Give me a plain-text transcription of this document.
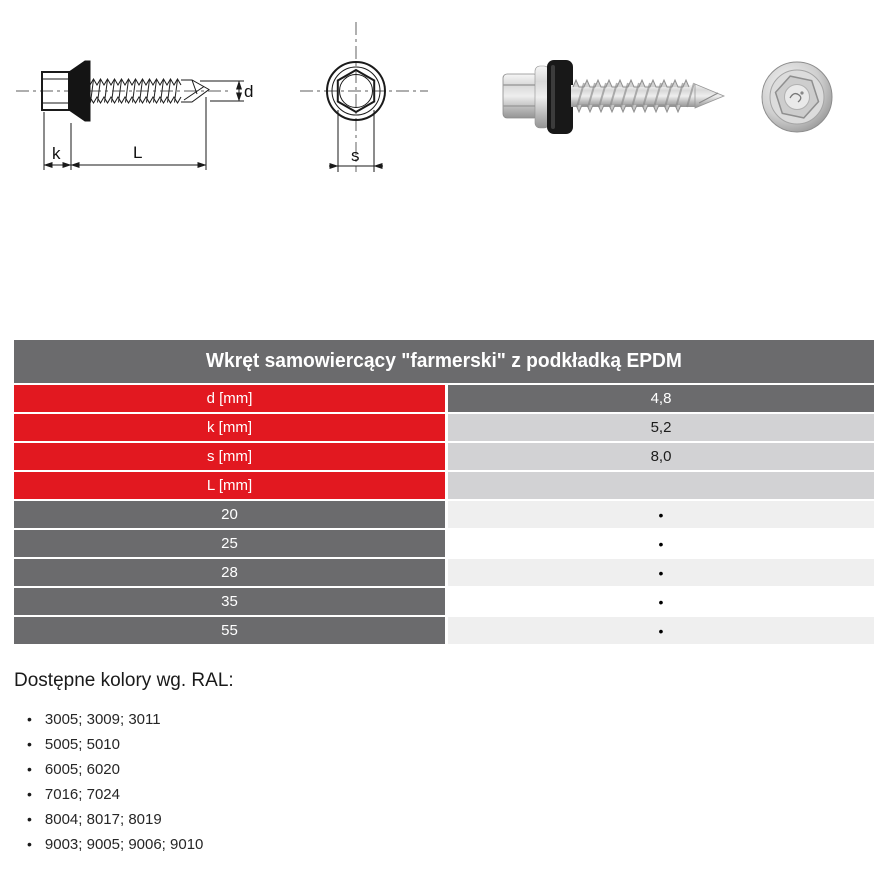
d
k	L	s
Wkręt samowiercący "farmerski" z podkładką EPDM
d [mm]	4,8
k [mm]	5,2
s [mm]	8,0
L [mm]
20	•
25	•
28	•
35	•
55	•
Dostępne kolory wg. RAL:
• 3005; 3009; 3011
• 5005; 5010
• 6005; 6020
• 7016; 7024
• 8004; 8017; 8019
• 9003; 9005; 9006; 9010
